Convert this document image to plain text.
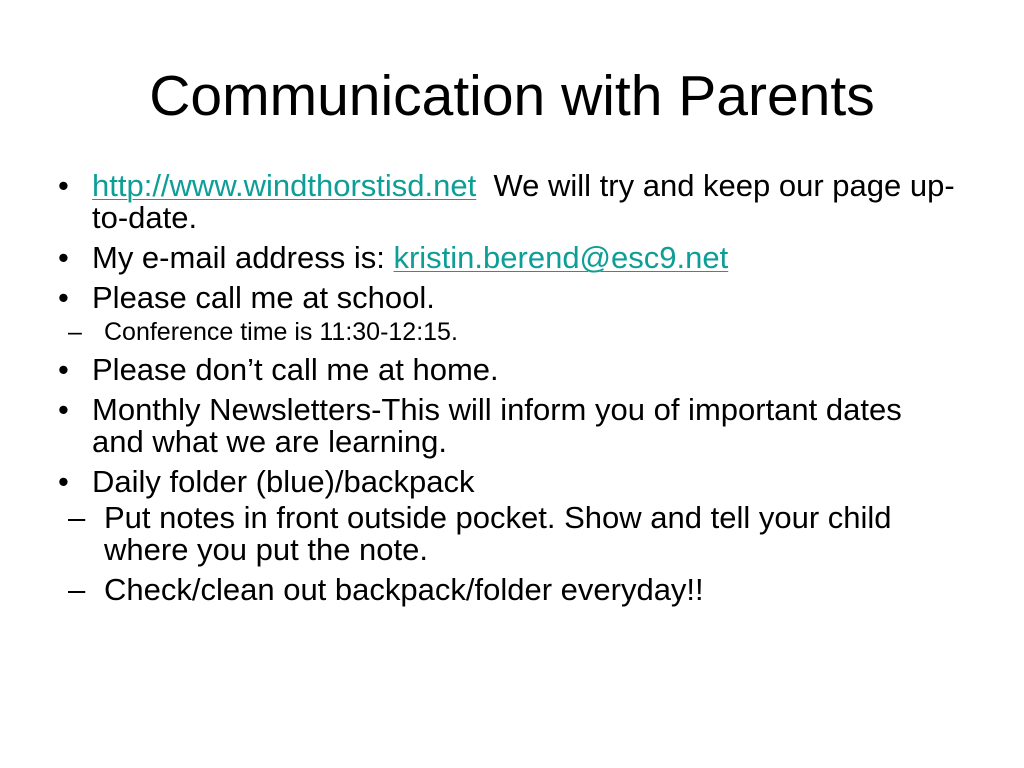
Communication with Parents
• http://www.windthorstisd.net  We will try and keep our page up-to-date.
• My e-mail address is: kristin.berend@esc9.net
• Please call me at school.
– Conference time is 11:30-12:15.
• Please don’t call me at home.
• Monthly Newsletters-This will inform you of important dates and what we are learning.
• Daily folder (blue)/backpack
– Put notes in front outside pocket. Show and tell your child where you put the note.
– Check/clean out backpack/folder everyday!!
